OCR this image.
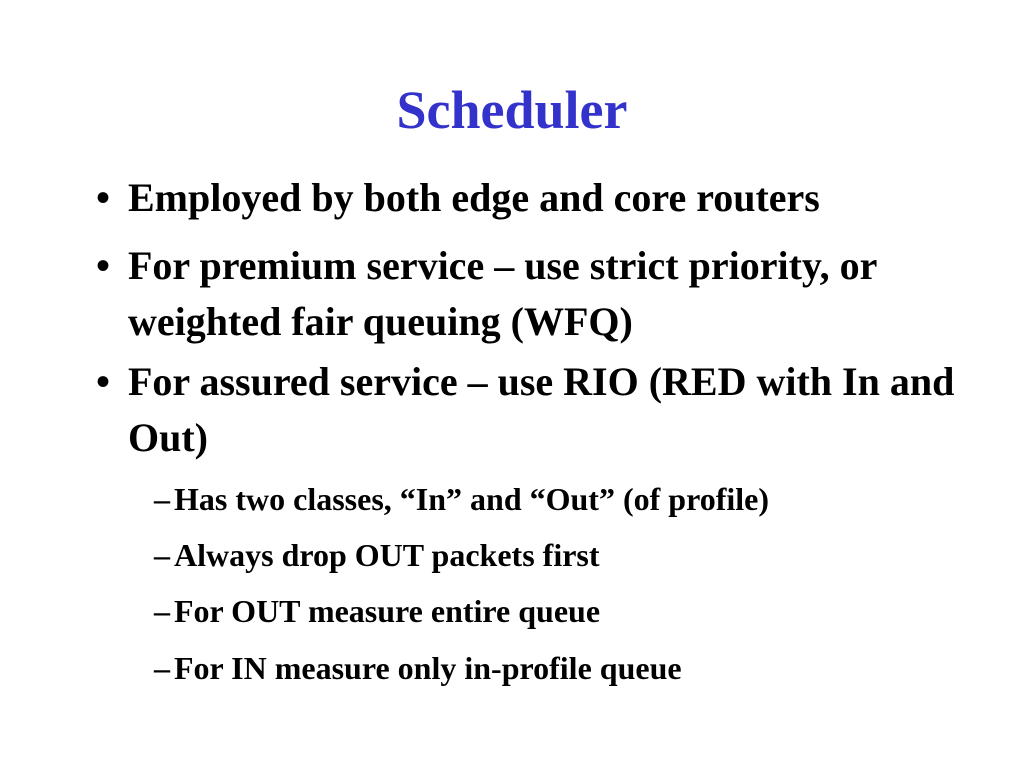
Scheduler
• Employed by both edge and core routers
• For premium service – use strict priority, or weighted fair queuing (WFQ)
• For assured service – use RIO (RED with In and Out)
– Has two classes, “In” and “Out” (of profile)
– Always drop OUT packets first
– For OUT measure entire queue
– For IN measure only in-profile queue
